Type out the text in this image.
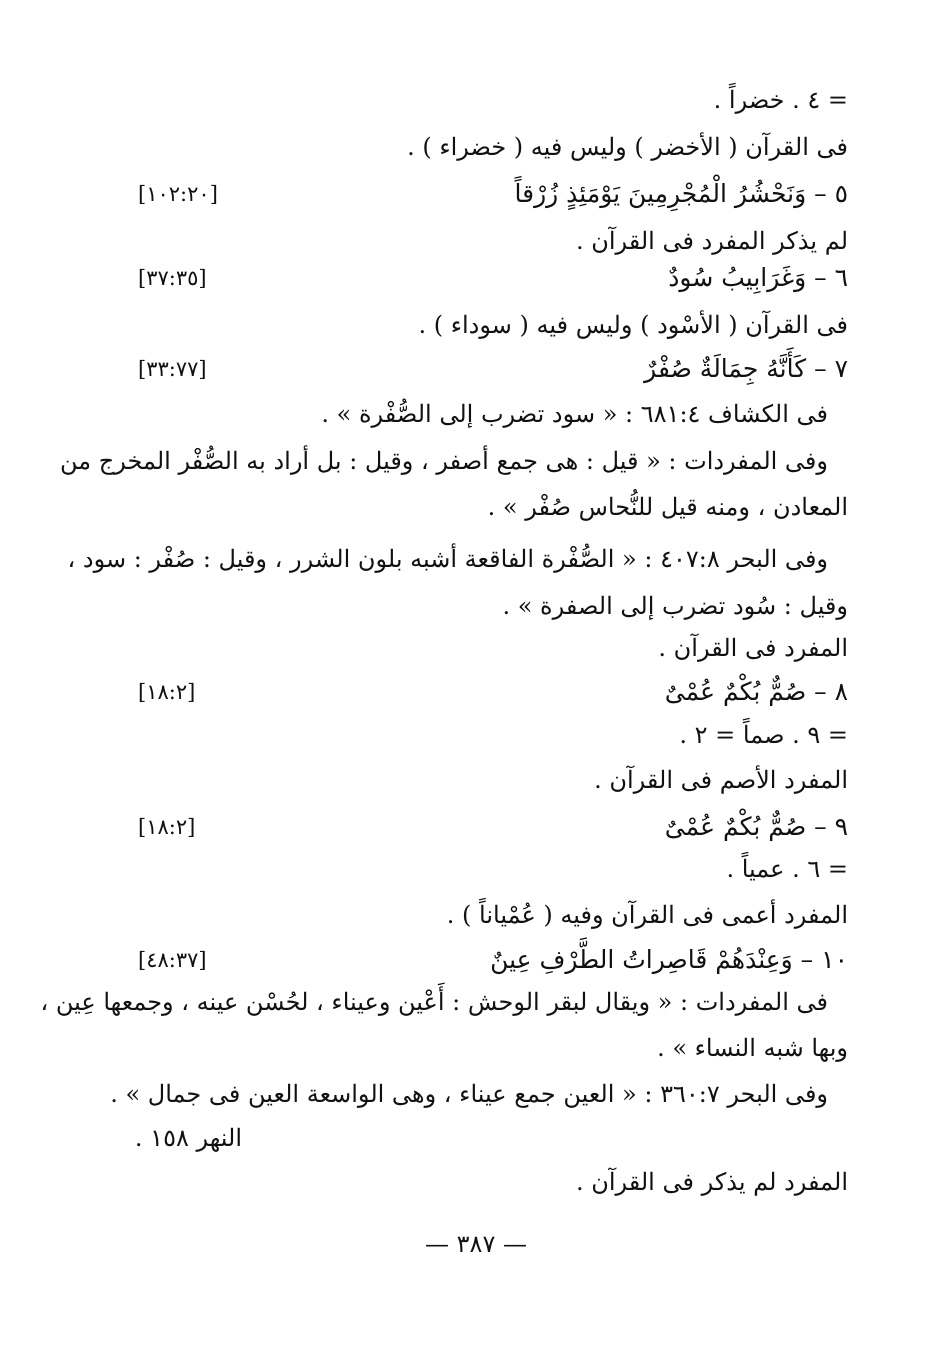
= ٤ . خضراً .
فى القرآن ( الأخضر ) وليس فيه ( خضراء ) .
٥ – وَنَحْشُرُ الْمُجْرِمِينَ يَوْمَئِذٍ زُرْقاً
[١٠٢:٢٠]
لم يذكر المفرد فى القرآن .
٦ – وَغَرَابِيبُ سُودٌ
[٣٧:٣٥]
فى القرآن ( الأسْود ) وليس فيه ( سوداء ) .
٧ – كَأَنَّهُ جِمَالَةٌ صُفْرٌ
[٣٣:٧٧]
فى الكشاف ٦٨١:٤ : « سود تضرب إلى الصُّفْرة » .
وفى المفردات : « قيل : هى جمع أصفر ، وقيل : بل أراد به الصُّفْر المخرج من
المعادن ، ومنه قيل للنُّحاس صُفْر » .
وفى البحر ٤٠٧:٨ : « الصُّفْرة الفاقعة أشبه بلون الشرر ، وقيل : صُفْر : سود ،
وقيل : سُود تضرب إلى الصفرة » .
المفرد فى القرآن .
٨ – صُمٌّ بُكْمٌ عُمْىٌ
[١٨:٢]
= ٩ . صماً = ٢ .
المفرد الأصم فى القرآن .
٩ – صُمٌّ بُكْمٌ عُمْىٌ
[١٨:٢]
= ٦ . عمياً .
المفرد أعمى فى القرآن وفيه ( عُمْياناً ) .
١٠ – وَعِنْدَهُمْ قَاصِراتُ الطَّرْفِ عِينٌ
[٤٨:٣٧]
فى المفردات : « ويقال لبقر الوحش : أَعْين وعيناء ، لحُسْن عينه ، وجمعها عِين ،
وبها شبه النساء » .
وفى البحر ٣٦٠:٧ : « العين جمع عيناء ، وهى الواسعة العين فى جمال » .
النهر ١٥٨ .
المفرد لم يذكر فى القرآن .
— ٣٨٧ —
